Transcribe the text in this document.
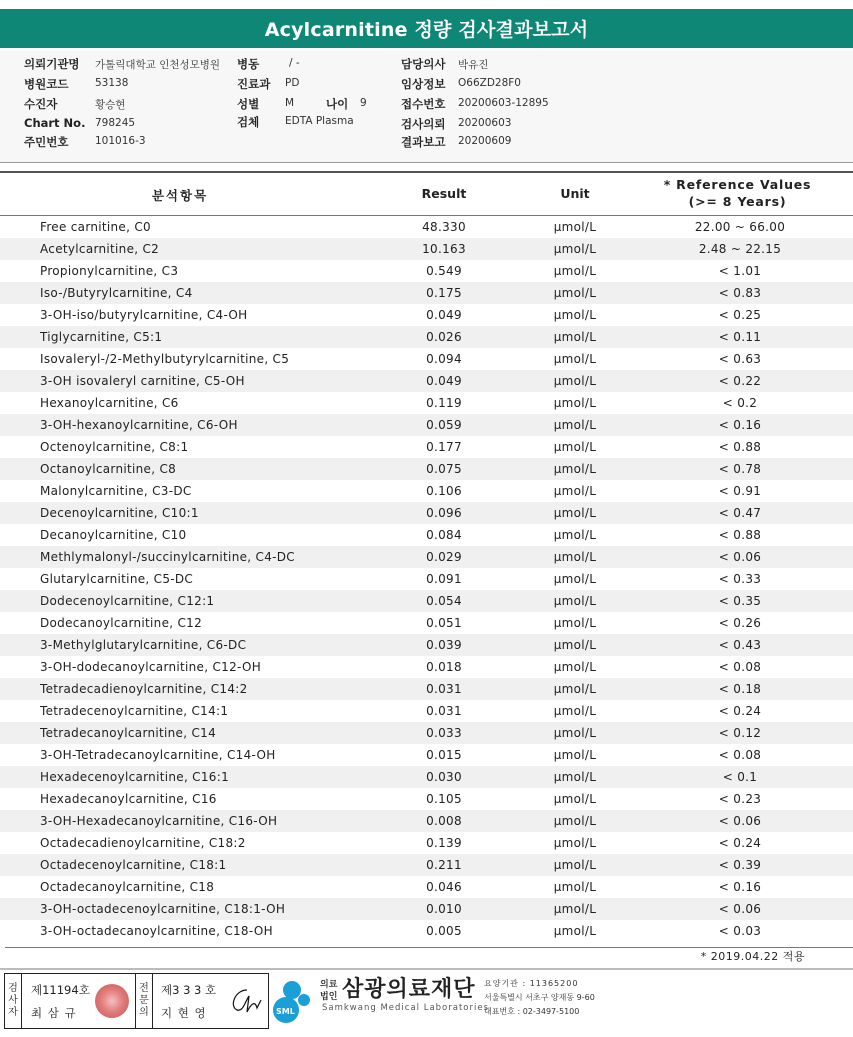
Acylcarnitine 정량 검사결과보고서
의뢰기관명 가톨릭대학교 인천성모병원
병원코드	53138
수진자	황승현
Chart No. 798245
주민번호	101016-3
병동	/ -
진료과 PD
성별 M	나이 9
검체 EDTA Plasma
담당의사 박유진
임상정보 O66ZD28F0
접수번호 20200603-12895
검사의뢰 20200603
결과보고 20200609
분석항목	Result	Unit
* Reference Values
(>= 8 Years)
Free carnitine, C0	48.330	μmol/L	22.00 ~ 66.00
Acetylcarnitine, C2	10.163	μmol/L	2.48 ~ 22.15
Propionylcarnitine, C3	0.549	μmol/L	< 1.01
Iso-/Butyrylcarnitine, C4	0.175	μmol/L	< 0.83
3-OH-iso/butyrylcarnitine, C4-OH	0.049	μmol/L	< 0.25
Tiglycarnitine, C5:1	0.026	μmol/L	< 0.11
Isovaleryl-/2-Methylbutyrylcarnitine, C5	0.094	μmol/L	< 0.63
3-OH isovaleryl carnitine, C5-OH	0.049	μmol/L	< 0.22
Hexanoylcarnitine, C6	0.119	μmol/L	< 0.2
3-OH-hexanoylcarnitine, C6-OH	0.059	μmol/L	< 0.16
Octenoylcarnitine, C8:1	0.177	μmol/L	< 0.88
Octanoylcarnitine, C8	0.075	μmol/L	< 0.78
Malonylcarnitine, C3-DC	0.106	μmol/L	< 0.91
Decenoylcarnitine, C10:1	0.096	μmol/L	< 0.47
Decanoylcarnitine, C10	0.084	μmol/L	< 0.88
Methlymalonyl-/succinylcarnitine, C4-DC	0.029	μmol/L	< 0.06
Glutarylcarnitine, C5-DC	0.091	μmol/L	< 0.33
Dodecenoylcarnitine, C12:1	0.054	μmol/L	< 0.35
Dodecanoylcarnitine, C12	0.051	μmol/L	< 0.26
3-Methylglutarylcarnitine, C6-DC	0.039	μmol/L	< 0.43
3-OH-dodecanoylcarnitine, C12-OH	0.018	μmol/L	< 0.08
Tetradecadienoylcarnitine, C14:2	0.031	μmol/L	< 0.18
Tetradecenoylcarnitine, C14:1	0.031	μmol/L	< 0.24
Tetradecanoylcarnitine, C14	0.033	μmol/L	< 0.12
3-OH-Tetradecanoylcarnitine, C14-OH	0.015	μmol/L	< 0.08
Hexadecenoylcarnitine, C16:1	0.030	μmol/L	< 0.1
Hexadecanoylcarnitine, C16	0.105	μmol/L	< 0.23
3-OH-Hexadecanoylcarnitine, C16-OH	0.008	μmol/L	< 0.06
Octadecadienoylcarnitine, C18:2	0.139	μmol/L	< 0.24
Octadecenoylcarnitine, C18:1	0.211	μmol/L	< 0.39
Octadecanoylcarnitine, C18	0.046	μmol/L	< 0.16
3-OH-octadecenoylcarnitine, C18:1-OH	0.010	μmol/L	< 0.06
3-OH-octadecanoylcarnitine, C18-OH	0.005	μmol/L	< 0.03
* 2019.04.22 적용
검
사
자
제11194호
최 삼 규
전
문
의
제3 3 3 호
지 현 영	SML
의료
법인 삼광의료재단
Samkwang Medical Laboratories
요양기관 : 11365200
서울특별시 서초구 양재동 9-60
대표번호 : 02-3497-5100
